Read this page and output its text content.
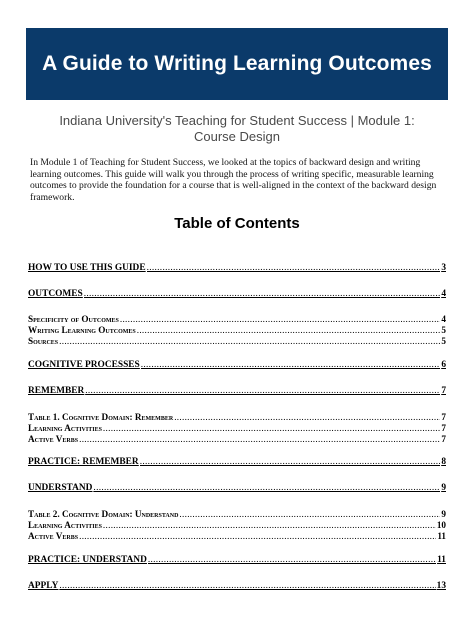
A Guide to Writing Learning Outcomes
Indiana University's Teaching for Student Success | Module 1:
Course Design

In Module 1 of Teaching for Student Success, we looked at the topics of backward design and writing learning outcomes. This guide will walk you through the process of writing specific, measurable learning outcomes to provide the foundation for a course that is well-aligned in the context of the backward design framework.

Table of Contents
HOW TO USE THIS GUIDE .....	3
OUTCOMES .....	4
Specificity of Outcomes .....	4
Writing Learning Outcomes .....	5
Sources .....	5
COGNITIVE PROCESSES .....	6
REMEMBER .....	7
Table 1. Cognitive Domain: Remember .....	7
Learning Activities .....	7
Active Verbs .....	7
PRACTICE: REMEMBER .....	8
UNDERSTAND .....	9
Table 2. Cognitive Domain: Understand .....	9
Learning Activities .....	10
Active Verbs .....	11
PRACTICE: UNDERSTAND .....	11
APPLY .....	13
